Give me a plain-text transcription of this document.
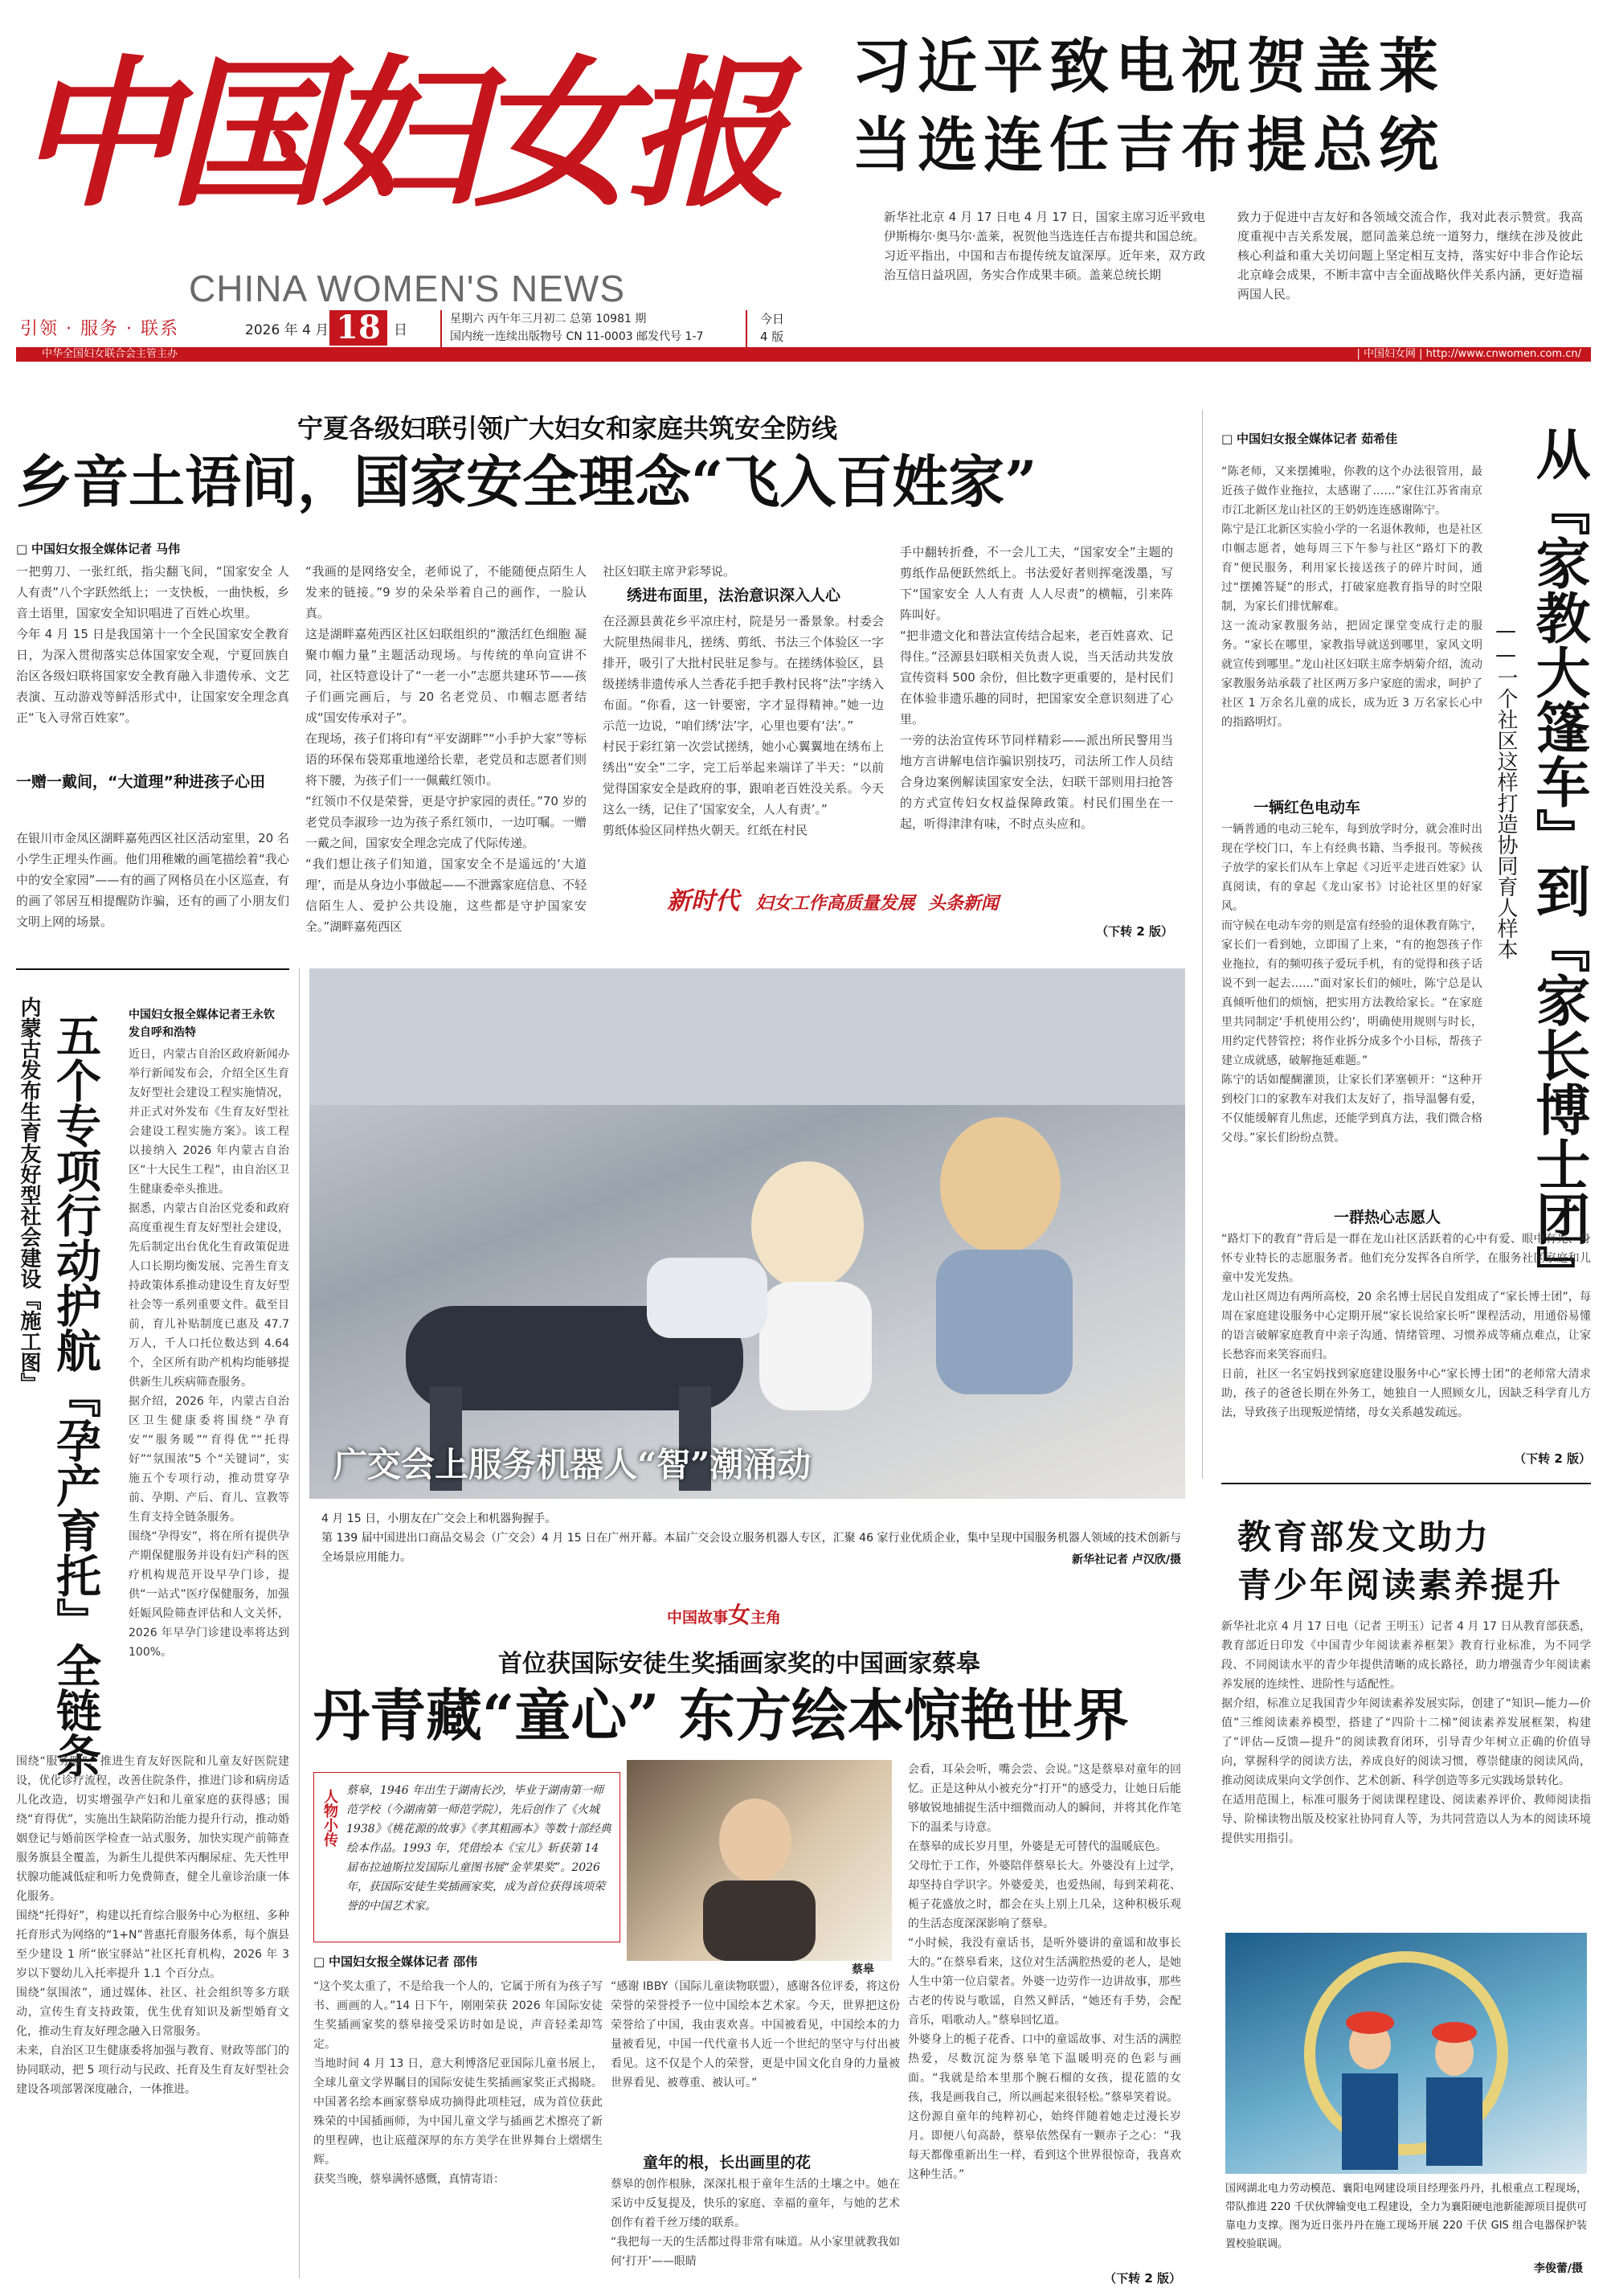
中国妇女报
CHINA WOMEN'S NEWS
引领 · 服务 · 联系	2026 年 4 月 18 日
星期六 丙午年三月初二 总第 10981 期
国内统一连续出版物号 CN 11-0003 邮发代号 1-7
今日
4 版
中华全国妇女联合会主管主办	| 中国妇女网 | http://www.cnwomen.com.cn/
习近平致电祝贺盖莱
当选连任吉布提总统
新华社北京 4 月 17 日电 4 月 17 日，国家主席习近平致电伊斯梅尔·奥马尔·盖莱，祝贺他当选连任吉布提共和国总统。
习近平指出，中国和吉布提传统友谊深厚。近年来，双方政治互信日益巩固，务实合作成果丰硕。盖莱总统长期
致力于促进中吉友好和各领域交流合作，我对此表示赞赏。我高度重视中吉关系发展，愿同盖莱总统一道努力，继续在涉及彼此核心利益和重大关切问题上坚定相互支持，落实好中非合作论坛北京峰会成果，不断丰富中吉全面战略伙伴关系内涵，更好造福两国人民。
宁夏各级妇联引领广大妇女和家庭共筑安全防线
乡音土语间，国家安全理念“飞入百姓家”
□ 中国妇女报全媒体记者 马伟
一把剪刀、一张红纸，指尖翻飞间，“国家安全 人人有责”八个字跃然纸上；一支快板，一曲快板，乡音土语里，国家安全知识唱进了百姓心坎里。
今年 4 月 15 日是我国第十一个全民国家安全教育日，为深入贯彻落实总体国家安全观，宁夏回族自治区各级妇联将国家安全教育融入非遗传承、文艺表演、互动游戏等鲜活形式中，让国家安全理念真正“飞入寻常百姓家”。
一赠一戴间，“大道理”种进孩子心田
在银川市金凤区湖畔嘉苑西区社区活动室里，20 名小学生正埋头作画。他们用稚嫩的画笔描绘着“我心中的安全家园”——有的画了网格员在小区巡查，有的画了邻居互相提醒防诈骗，还有的画了小朋友们文明上网的场景。
“我画的是网络安全，老师说了，不能随便点陌生人发来的链接。”9 岁的朵朵举着自己的画作，一脸认真。
这是湖畔嘉苑西区社区妇联组织的“激活红色细胞 凝聚巾帼力量”主题活动现场。与传统的单向宣讲不同，社区特意设计了“一老一小”志愿共建环节——孩子们画完画后，与 20 名老党员、巾帼志愿者结成“国安传承对子”。
在现场，孩子们将印有“平安湖畔”“小手护大家”等标语的环保布袋郑重地递给长辈，老党员和志愿者们则将下腰，为孩子们一一佩戴红领巾。
“红领巾不仅是荣誉，更是守护家园的责任。”70 岁的老党员李淑珍一边为孩子系红领巾，一边叮嘱。一赠一戴之间，国家安全理念完成了代际传递。
“我们想让孩子们知道，国家安全不是遥远的‘大道理’，而是从身边小事做起——不泄露家庭信息、不轻信陌生人、爱护公共设施，这些都是守护国家安全。”湖畔嘉苑西区
社区妇联主席尹彩琴说。
绣进布面里，法治意识深入人心
在泾源县黄花乡平凉庄村，院是另一番景象。村委会大院里热闹非凡，搓绣、剪纸、书法三个体验区一字排开，吸引了大批村民驻足参与。在搓绣体验区，县级搓绣非遗传承人兰香花手把手教村民将“法”字绣入布面。“你看，这一针要密，字才显得精神。”她一边示范一边说，“咱们绣‘法’字，心里也要有‘法’。”
村民于彩红第一次尝试搓绣，她小心翼翼地在绣布上绣出“安全”二字，完工后举起来端详了半天：“以前觉得国家安全是政府的事，跟咱老百姓没关系。今天这么一绣，记住了‘国家安全，人人有责’。”
剪纸体验区同样热火朝天。红纸在村民
手中翻转折叠，不一会儿工夫，“国家安全”主题的剪纸作品便跃然纸上。书法爱好者则挥毫泼墨，写下“国家安全 人人有责 人人尽责”的横幅，引来阵阵叫好。
“把非遗文化和普法宣传结合起来，老百姓喜欢、记得住。”泾源县妇联相关负责人说，当天活动共发放宣传资料 500 余份，但比数字更重要的，是村民们在体验非遗乐趣的同时，把国家安全意识刻进了心里。
一旁的法治宣传环节同样精彩——派出所民警用当地方言讲解电信诈骗识别技巧，司法所工作人员结合身边案例解读国家安全法，妇联干部则用扫抢答的方式宣传妇女权益保障政策。村民们围坐在一起，听得津津有味，不时点头应和。
（下转 2 版）
□ 中国妇女报全媒体记者 茹希佳 从『家教大篷车』到『家长博士团』
——一个社区这样打造协同育人样本
“陈老师，又来摆摊啦，你教的这个办法很管用，最近孩子做作业拖拉，太感谢了……”家住江苏省南京市江北新区龙山社区的王奶奶连连感谢陈宁。
陈宁是江北新区实验小学的一名退休教师，也是社区巾帼志愿者，她每周三下午参与社区“路灯下的教育”便民服务，利用家长接送孩子的碎片时间，通过“摆摊答疑”的形式，打破家庭教育指导的时空限制，为家长们排忧解难。
这一流动家教服务站，把固定课堂变成行走的服务。“家长在哪里，家教指导就送到哪里，家风文明就宣传到哪里。”龙山社区妇联主席李炳菊介绍，流动家教服务站承载了社区两万多户家庭的需求，呵护了社区 1 万余名儿童的成长，成为近 3 万名家长心中的指路明灯。
一辆红色电动车
一辆普通的电动三轮车，每到放学时分，就会准时出现在学校门口，车上有经典书籍、当季报刊。等候孩子放学的家长们从车上拿起《习近平走进百姓家》认真阅读，有的拿起《龙山家书》讨论社区里的好家风。
而守候在电动车旁的则是富有经验的退休教育陈宁，家长们一看到她，立即围了上来，“有的抱怨孩子作业拖拉，有的频叨孩子爱玩手机，有的觉得和孩子话说不到一起去……”面对家长们的倾吐，陈宁总是认真倾听他们的烦恼，把实用方法教给家长。“在家庭里共同制定‘手机使用公约’，明确使用规则与时长，用约定代替管控；将作业拆分成多个小目标，帮孩子建立成就感，破解拖延难题。”
陈宁的话如醍醐灌顶，让家长们茅塞顿开：“这种开到校门口的家教车对我们太友好了，指导温馨有爱，不仅能缓解育儿焦虑，还能学到真方法，我们微合格父母。”家长们纷纷点赞。
一群热心志愿人
“路灯下的教育”背后是一群在龙山社区活跃着的心中有爱、眼中有光、身怀专业特长的志愿服务者。他们充分发挥各自所学，在服务社区家庭和儿童中发光发热。
龙山社区周边有两所高校，20 余名博士居民自发组成了“家长博士团”，每周在家庭建设服务中心定期开展“家长说给家长听”课程活动，用通俗易懂的语言破解家庭教育中亲子沟通、情绪管理、习惯养成等痛点难点，让家长愁容而来笑容而归。
日前，社区一名宝妈找到家庭建设服务中心“家长博士团”的老师常大清求助，孩子的爸爸长期在外务工，她独自一人照顾女儿，因缺乏科学育儿方法，导致孩子出现叛逆情绪，母女关系越发疏远。
（下转 2 版）
新时代 妇女工作高质量发展 头条新闻
内蒙古发布生育友好型社会建设『施工图』 五个专项行动护航『孕产育托』全链条 中国妇女报全媒体记者王永钦 发自呼和浩特
近日，内蒙古自治区政府新闻办举行新闻发布会，介绍全区生育友好型社会建设工程实施情况，并正式对外发布《生育友好型社会建设工程实施方案》。该工程以接纳入 2026 年内蒙古自治区“十大民生工程”，由自治区卫生健康委牵头推进。
据悉，内蒙古自治区党委和政府高度重视生育友好型社会建设，先后制定出台优化生育政策促进人口长期均衡发展、完善生育支持政策体系推动建设生育友好型社会等一系列重要文件。截至目前，育儿补贴制度已惠及 47.7 万人，千人口托位数达到 4.64 个，全区所有助产机构均能够提供新生儿疾病筛查服务。
据介绍，2026 年，内蒙古自治区卫生健康委将围绕“孕育安”“服务暖”“育得优”“托得好”“氛围浓”5 个“关键词”，实施五个专项行动，推动贯穿孕前、孕期、产后、育儿、宣教等生育支持全链条服务。
围绕“孕得安”，将在所有提供孕产期保健服务并设有妇产科的医疗机构规范开设早孕门诊，提供“一站式”医疗保健服务，加强妊娠风险筛查评估和人文关怀，2026 年早孕门诊建设率将达到 100%。
围绕“服务暖”，推进生育友好医院和儿童友好医院建设，优化诊疗流程，改善住院条件，推进门诊和病房适儿化改造，切实增强孕产妇和儿童家庭的获得感；围绕“育得优”，实施出生缺陷防治能力提升行动，推动婚姻登记与婚前医学检查一站式服务，加快实现产前筛查服务旗县全覆盖，为新生儿提供苯丙酮尿症、先天性甲状腺功能减低症和听力免费筛查，健全儿童诊治康一体化服务。
围绕“托得好”，构建以托育综合服务中心为枢纽、多种托育形式为网络的“1+N”普惠托育服务体系，每个旗县至少建设 1 所“嵌宝驿站”社区托育机构，2026 年 3 岁以下婴幼儿入托率提升 1.1 个百分点。
围绕“氛围浓”，通过媒体、社区、社会组织等多方联动，宣传生育支持政策，优生优育知识及新型婚育文化，推动生育友好理念融入日常服务。
未来，自治区卫生健康委将加强与教育、财政等部门的协同联动，把 5 项行动与民政、托育及生育友好型社会建设各项部署深度融合，一体推进。
广交会上服务机器人“智”潮涌动
4 月 15 日，小朋友在广交会上和机器狗握手。
第 139 届中国进出口商品交易会（广交会）4 月 15 日在广州开幕。本届广交会设立服务机器人专区，汇聚 46 家行业优质企业，集中呈现中国服务机器人领域的技术创新与全场景应用能力。	新华社记者 卢汉欣/摄
中国故事女主角
首位获国际安徒生奖插画家奖的中国画家蔡皋
丹青藏“童心” 东方绘本惊艳世界
人物小传 蔡皋，1946 年出生于湖南长沙，毕业于湖南第一师范学校（今湖南第一师范学院），先后创作了《火城 1938》《桃花源的故事》《孝其粗画本》等数十部经典绘本作品。1993 年，凭借绘本《宝儿》斩获第 14 届布拉迪斯拉发国际儿童图书展“金苹果奖”。2026 年，获国际安徒生奖插画家奖，成为首位获得该项荣誉的中国艺术家。
蔡皋
□ 中国妇女报全媒体记者 邵伟
“这个奖太重了，不是给我一个人的，它属于所有为孩子写书、画画的人。”14 日下午，刚刚荣获 2026 年国际安徒生奖插画家奖的蔡皋接受采访时如是说，声音轻柔却笃定。
当地时间 4 月 13 日，意大利博洛尼亚国际儿童书展上，全球儿童文学界瞩目的国际安徒生奖插画家奖正式揭晓。中国著名绘本画家蔡皋成功摘得此项桂冠，成为首位获此殊荣的中国插画师，为中国儿童文学与插画艺术擦亮了新的里程碑，也让底蕴深厚的东方美学在世界舞台上熠熠生辉。
获奖当晚，蔡皋满怀感慨，真情寄语：
“感谢 IBBY（国际儿童读物联盟），感谢各位评委，将这份荣誉的荣誉授予一位中国绘本艺术家。今天，世界把这份荣誉给了中国，我由衷欢喜。中国被看见，中国绘本的力量被看见，中国一代代童书人近一个世纪的坚守与付出被看见。这不仅是个人的荣誉，更是中国文化自身的力量被世界看见、被尊重、被认可。”
童年的根，长出画里的花
蔡皋的创作根脉，深深扎根于童年生活的土壤之中。她在采访中反复提及，快乐的家庭、幸福的童年，与她的艺术创作有着千丝万缕的联系。
“我把每一天的生活都过得非常有味道。从小家里就教我如何‘打开’——眼睛
会看，耳朵会听，嘴会尝、会说。”这是蔡皋对童年的回忆。正是这种从小被充分“打开”的感受力，让她日后能够敏锐地捕捉生活中细微而动人的瞬间，并将其化作笔下的温柔与诗意。
在蔡皋的成长岁月里，外婆是无可替代的温暖底色。
父母忙于工作，外婆陪伴蔡皋长大。外婆没有上过学，却坚持自学识字。外婆爱美，也爱热闹，每到茉莉花、栀子花盛放之时，都会在头上别上几朵，这种积极乐观的生活态度深深影响了蔡皋。
“小时候，我没有童话书，是听外婆讲的童谣和故事长大的。”在蔡皋看来，这位对生活满腔热爱的老人，是她人生中第一位启蒙者。外婆一边劳作一边讲故事，那些古老的传说与歌谣，自然又鲜活，“她还有手势，会配音乐，唱歌动人。”蔡皋回忆道。
外婆身上的栀子花香、口中的童谣故事、对生活的满腔热爱，尽数沉淀为蔡皋笔下温暖明亮的色彩与画面。“我就是给本里那个腕石榴的女孩，提花篮的女孩，我是画我自己，所以画起来很轻松。”蔡皋笑着说。
这份源自童年的纯粹初心，始终伴随着她走过漫长岁月。即便八旬高龄，蔡皋依然保有一颗赤子之心：“我每天都像重新出生一样，看到这个世界很惊奇，我喜欢这种生活。”
（下转 2 版）
教育部发文助力
青少年阅读素养提升
新华社北京 4 月 17 日电（记者 王明玉）记者 4 月 17 日从教育部获悉，教育部近日印发《中国青少年阅读素养框架》教育行业标准，为不同学段、不同阅读水平的青少年提供清晰的成长路径，助力增强青少年阅读素养发展的连续性、进阶性与适配性。
据介绍，标准立足我国青少年阅读素养发展实际，创建了“知识—能力—价值”三维阅读素养模型，搭建了“四阶十二梯”阅读素养发展框架，构建了“评估—反馈—提升”的阅读教育闭环，引导青少年树立正确的价值导向，掌握科学的阅读方法，养成良好的阅读习惯，尊崇健康的阅读风尚，推动阅读成果向文学创作、艺术创新、科学创造等多元实践场景转化。
在适用范围上，标准可服务于阅读课程建设、阅读素养评价、教师阅读指导、阶梯读物出版及校家社协同育人等，为共同营造以人为本的阅读环境提供实用指引。
国网湖北电力劳动模范、襄阳电网建设项目经理张丹丹，扎根重点工程现场，带队推进 220 千伏伙牌输变电工程建设，全力为襄阳硬电池新能源项目提供可靠电力支撑。图为近日张丹丹在施工现场开展 220 千伏 GIS 组合电器保护装置校验联调。
李俊蕾/摄
